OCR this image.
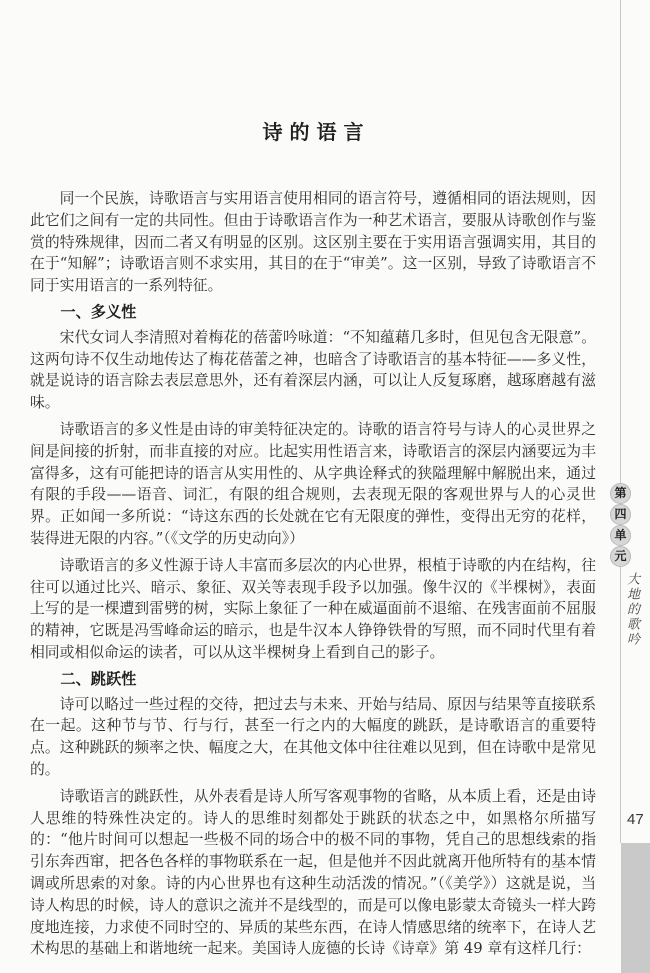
诗的语言

同一个民族，诗歌语言与实用语言使用相同的语言符号，遵循相同的语法规则，因此它们之间有一定的共同性。但由于诗歌语言作为一种艺术语言，要服从诗歌创作与鉴赏的特殊规律，因而二者又有明显的区别。这区别主要在于实用语言强调实用，其目的在于“知解”；诗歌语言则不求实用，其目的在于“审美”。这一区别，导致了诗歌语言不同于实用语言的一系列特征。

一、多义性

宋代女词人李清照对着梅花的蓓蕾吟咏道：“不知蕴藉几多时，但见包含无限意”。这两句诗不仅生动地传达了梅花蓓蕾之神，也暗含了诗歌语言的基本特征——多义性，就是说诗的语言除去表层意思外，还有着深层内涵，可以让人反复琢磨，越琢磨越有滋味。

诗歌语言的多义性是由诗的审美特征决定的。诗歌的语言符号与诗人的心灵世界之间是间接的折射，而非直接的对应。比起实用性语言来，诗歌语言的深层内涵要远为丰富得多，这有可能把诗的语言从实用性的、从字典诠释式的狭隘理解中解脱出来，通过有限的手段——语音、词汇，有限的组合规则，去表现无限的客观世界与人的心灵世界。正如闻一多所说：“诗这东西的长处就在它有无限度的弹性，变得出无穷的花样，装得进无限的内容。”（《文学的历史动向》）

诗歌语言的多义性源于诗人丰富而多层次的内心世界，根植于诗歌的内在结构，往往可以通过比兴、暗示、象征、双关等表现手段予以加强。像牛汉的《半棵树》，表面上写的是一棵遭到雷劈的树，实际上象征了一种在威逼面前不退缩、在残害面前不屈服的精神，它既是冯雪峰命运的暗示，也是牛汉本人铮铮铁骨的写照，而不同时代里有着相同或相似命运的读者，可以从这半棵树身上看到自己的影子。

二、跳跃性

诗可以略过一些过程的交待，把过去与未来、开始与结局、原因与结果等直接联系在一起。这种节与节、行与行，甚至一行之内的大幅度的跳跃，是诗歌语言的重要特点。这种跳跃的频率之快、幅度之大，在其他文体中往往难以见到，但在诗歌中是常见的。

诗歌语言的跳跃性，从外表看是诗人所写客观事物的省略，从本质上看，还是由诗人思维的特殊性决定的。诗人的思维时刻都处于跳跃的状态之中，如黑格尔所描写的：“他片时间可以想起一些极不同的场合中的极不同的事物，凭自己的思想线索的指引东奔西窜，把各色各样的事物联系在一起，但是他并不因此就离开他所特有的基本情调或所思索的对象。诗的内心世界也有这种生动活泼的情况。”（《美学》）这就是说，当诗人构思的时候，诗人的意识之流并不是线型的，而是可以像电影蒙太奇镜头一样大跨度地连接，力求使不同时空的、异质的某些东西，在诗人情感思绪的统率下，在诗人艺术构思的基础上和谐地统一起来。美国诗人庞德的长诗《诗章》第 49 章有这样几行：

第
四
单
元
大地的歌吟
47
